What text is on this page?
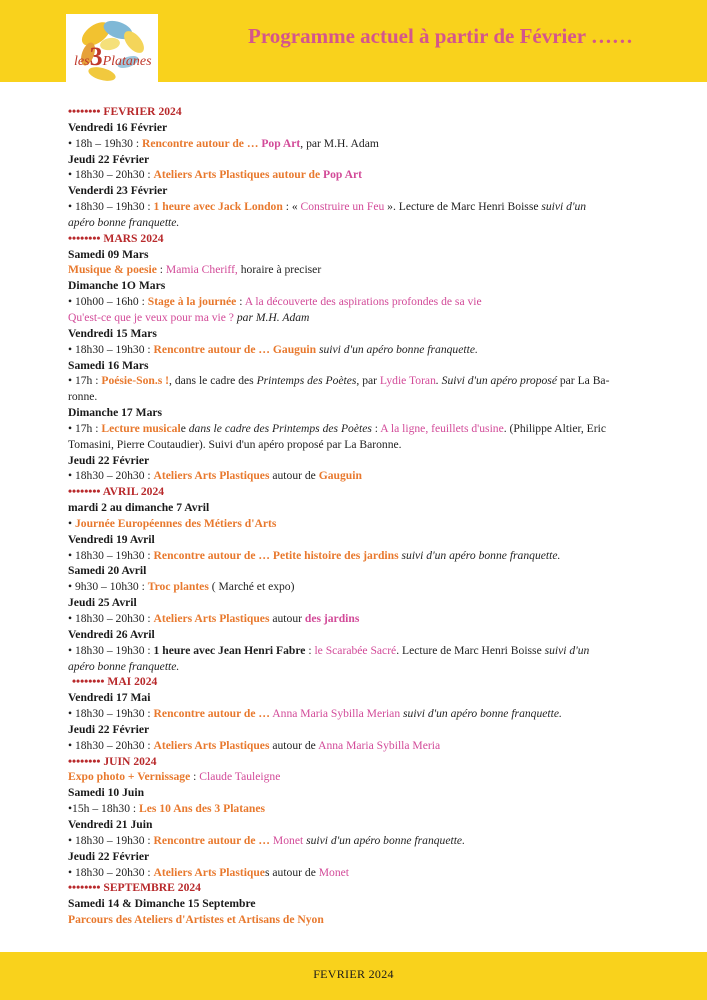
les3Platanes
Programme actuel à partir de Février ……
•••••••• FEVRIER 2024
Vendredi 16 Février
• 18h – 19h30 : Rencontre autour de … Pop Art, par M.H. Adam
Jeudi 22 Février
• 18h30 – 20h30 : Ateliers Arts Plastiques autour de Pop Art
Venderdi 23 Février
• 18h30 – 19h30 : 1 heure avec Jack London : « Construire un Feu ». Lecture de Marc Henri Boisse suivi d'un
apéro bonne franquette.
•••••••• MARS 2024
Samedi 09 Mars
Musique & poesie : Mamia Cheriff, horaire à preciser
Dimanche 1O Mars
• 10h00 – 16h0 : Stage à la journée : A la découverte des aspirations profondes de sa vie
Qu'est-ce que je veux pour ma vie ? par M.H. Adam
Vendredi 15 Mars
• 18h30 – 19h30 : Rencontre autour de … Gauguin suivi d'un apéro bonne franquette.
Samedi 16 Mars
• 17h : Poésie-Son.s !, dans le cadre des Printemps des Poètes, par Lydie Toran. Suivi d'un apéro proposé par La Ba-
ronne.
Dimanche 17 Mars
• 17h : Lecture musicale dans le cadre des Printemps des Poètes : A la ligne, feuillets d'usine. (Philippe Altier, Eric
Tomasini, Pierre Coutaudier). Suivi d'un apéro proposé par La Baronne.
Jeudi 22 Février
• 18h30 – 20h30 : Ateliers Arts Plastiques autour de Gauguin
•••••••• AVRIL 2024
mardi 2 au dimanche 7 Avril
• Journée Européennes des Métiers d'Arts
Vendredi 19 Avril
• 18h30 – 19h30 : Rencontre autour de … Petite histoire des jardins suivi d'un apéro bonne franquette.
Samedi 20 Avril
• 9h30 – 10h30 : Troc plantes ( Marché et expo)
Jeudi 25 Avril
• 18h30 – 20h30 : Ateliers Arts Plastiques autour des jardins
Vendredi 26 Avril
• 18h30 – 19h30 : 1 heure avec Jean Henri Fabre : le Scarabée Sacré. Lecture de Marc Henri Boisse suivi d'un
apéro bonne franquette.
•••••••• MAI 2024
Vendredi 17 Mai
• 18h30 – 19h30 : Rencontre autour de … Anna Maria Sybilla Merian suivi d'un apéro bonne franquette.
Jeudi 22 Février
• 18h30 – 20h30 : Ateliers Arts Plastiques autour de Anna Maria Sybilla Meria
•••••••• JUIN 2024
Expo photo + Vernissage : Claude Tauleigne
Samedi 10 Juin
•15h – 18h30 : Les 10 Ans des 3 Platanes
Vendredi 21 Juin
• 18h30 – 19h30 : Rencontre autour de … Monet suivi d'un apéro bonne franquette.
Jeudi 22 Février
• 18h30 – 20h30 : Ateliers Arts Plastiques autour de Monet
•••••••• SEPTEMBRE 2024
Samedi 14 & Dimanche 15 Septembre
Parcours des Ateliers d'Artistes et Artisans de Nyon
FEVRIER 2024
